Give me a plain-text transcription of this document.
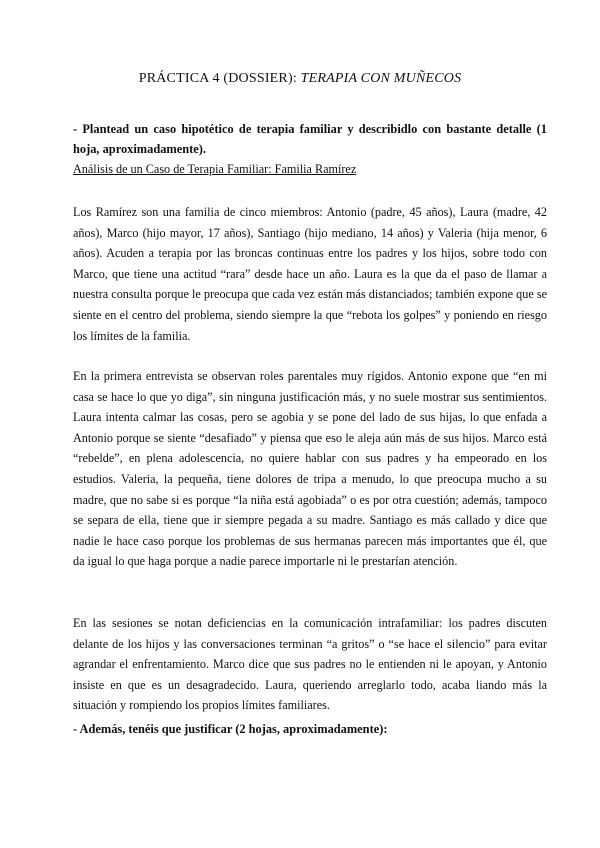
PRÁCTICA 4 (DOSSIER): TERAPIA CON MUÑECOS
- Plantead un caso hipotético de terapia familiar y describidlo con bastante detalle (1 hoja, aproximadamente).
Análisis de un Caso de Terapia Familiar: Familia Ramírez
Los Ramírez son una familia de cinco miembros: Antonio (padre, 45 años), Laura (madre, 42 años), Marco (hijo mayor, 17 años), Santiago (hijo mediano, 14 años) y Valeria (hija menor, 6 años). Acuden a terapia por las broncas continuas entre los padres y los hijos, sobre todo con Marco, que tiene una actitud “rara” desde hace un año. Laura es la que da el paso de llamar a nuestra consulta porque le preocupa que cada vez están más distanciados; también expone que se siente en el centro del problema, siendo siempre la que “rebota los golpes” y poniendo en riesgo los límites de la familia.
En la primera entrevista se observan roles parentales muy rígidos. Antonio expone que “en mi casa se hace lo que yo diga”, sin ninguna justificación más, y no suele mostrar sus sentimientos. Laura intenta calmar las cosas, pero se agobia y se pone del lado de sus hijas, lo que enfada a Antonio porque se siente “desafiado” y piensa que eso le aleja aún más de sus hijos. Marco está “rebelde”, en plena adolescencia, no quiere hablar con sus padres y ha empeorado en los estudios. Valeria, la pequeña, tiene dolores de tripa a menudo, lo que preocupa mucho a su madre, que no sabe si es porque “la niña está agobiada” o es por otra cuestión; además, tampoco se separa de ella, tiene que ir siempre pegada a su madre. Santiago es más callado y dice que nadie le hace caso porque los problemas de sus hermanas parecen más importantes que él, que da igual lo que haga porque a nadie parece importarle ni le prestarían atención.
En las sesiones se notan deficiencias en la comunicación intrafamiliar: los padres discuten delante de los hijos y las conversaciones terminan “a gritos” o “se hace el silencio” para evitar agrandar el enfrentamiento. Marco dice que sus padres no le entienden ni le apoyan, y Antonio insiste en que es un desagradecido. Laura, queriendo arreglarlo todo, acaba liando más la situación y rompiendo los propios límites familiares.
- Además, tenéis que justificar (2 hojas, aproximadamente):
